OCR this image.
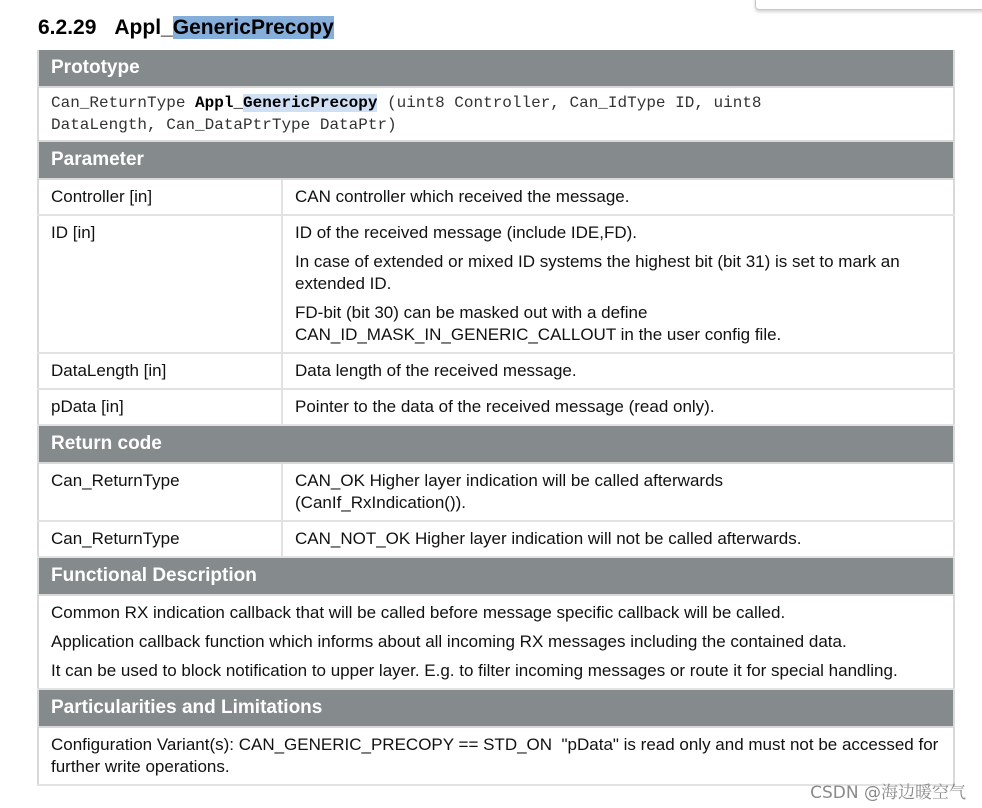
6.2.29 Appl_GenericPrecopy
Prototype	
Can_ReturnType Appl_GenericPrecopy (uint8 Controller, Can_IdType ID, uint8
DataLength, Can_DataPtrType DataPtr)	
Parameter	
Controller [in]	CAN controller which received the message.

ID [in]	ID of the received message (include IDE,FD).

In case of extended or mixed ID systems the highest bit (bit 31) is set to mark an extended ID.

FD-bit (bit 30) can be masked out with a define CAN_ID_MASK_IN_GENERIC_CALLOUT in the user config file.

DataLength [in]	Data length of the received message.

pData [in]	Pointer to the data of the received message (read only).

Return code	
Can_ReturnType	CAN_OK Higher layer indication will be called afterwards (CanIf_RxIndication()).
Can_ReturnType	CAN_NOT_OK Higher layer indication will not be called afterwards.
Functional Description	

Common RX indication callback that will be called before message specific callback will be called.

Application callback function which informs about all incoming RX messages including the contained data.

It can be used to block notification to upper layer. E.g. to filter incoming messages or route it for special handling.	

Particularities and Limitations	

Configuration Variant(s): CAN_GENERIC_PRECOPY == STD_ON  "pData" is read only and must not be accessed for further write operations.	

CSDN @海边暖空气
